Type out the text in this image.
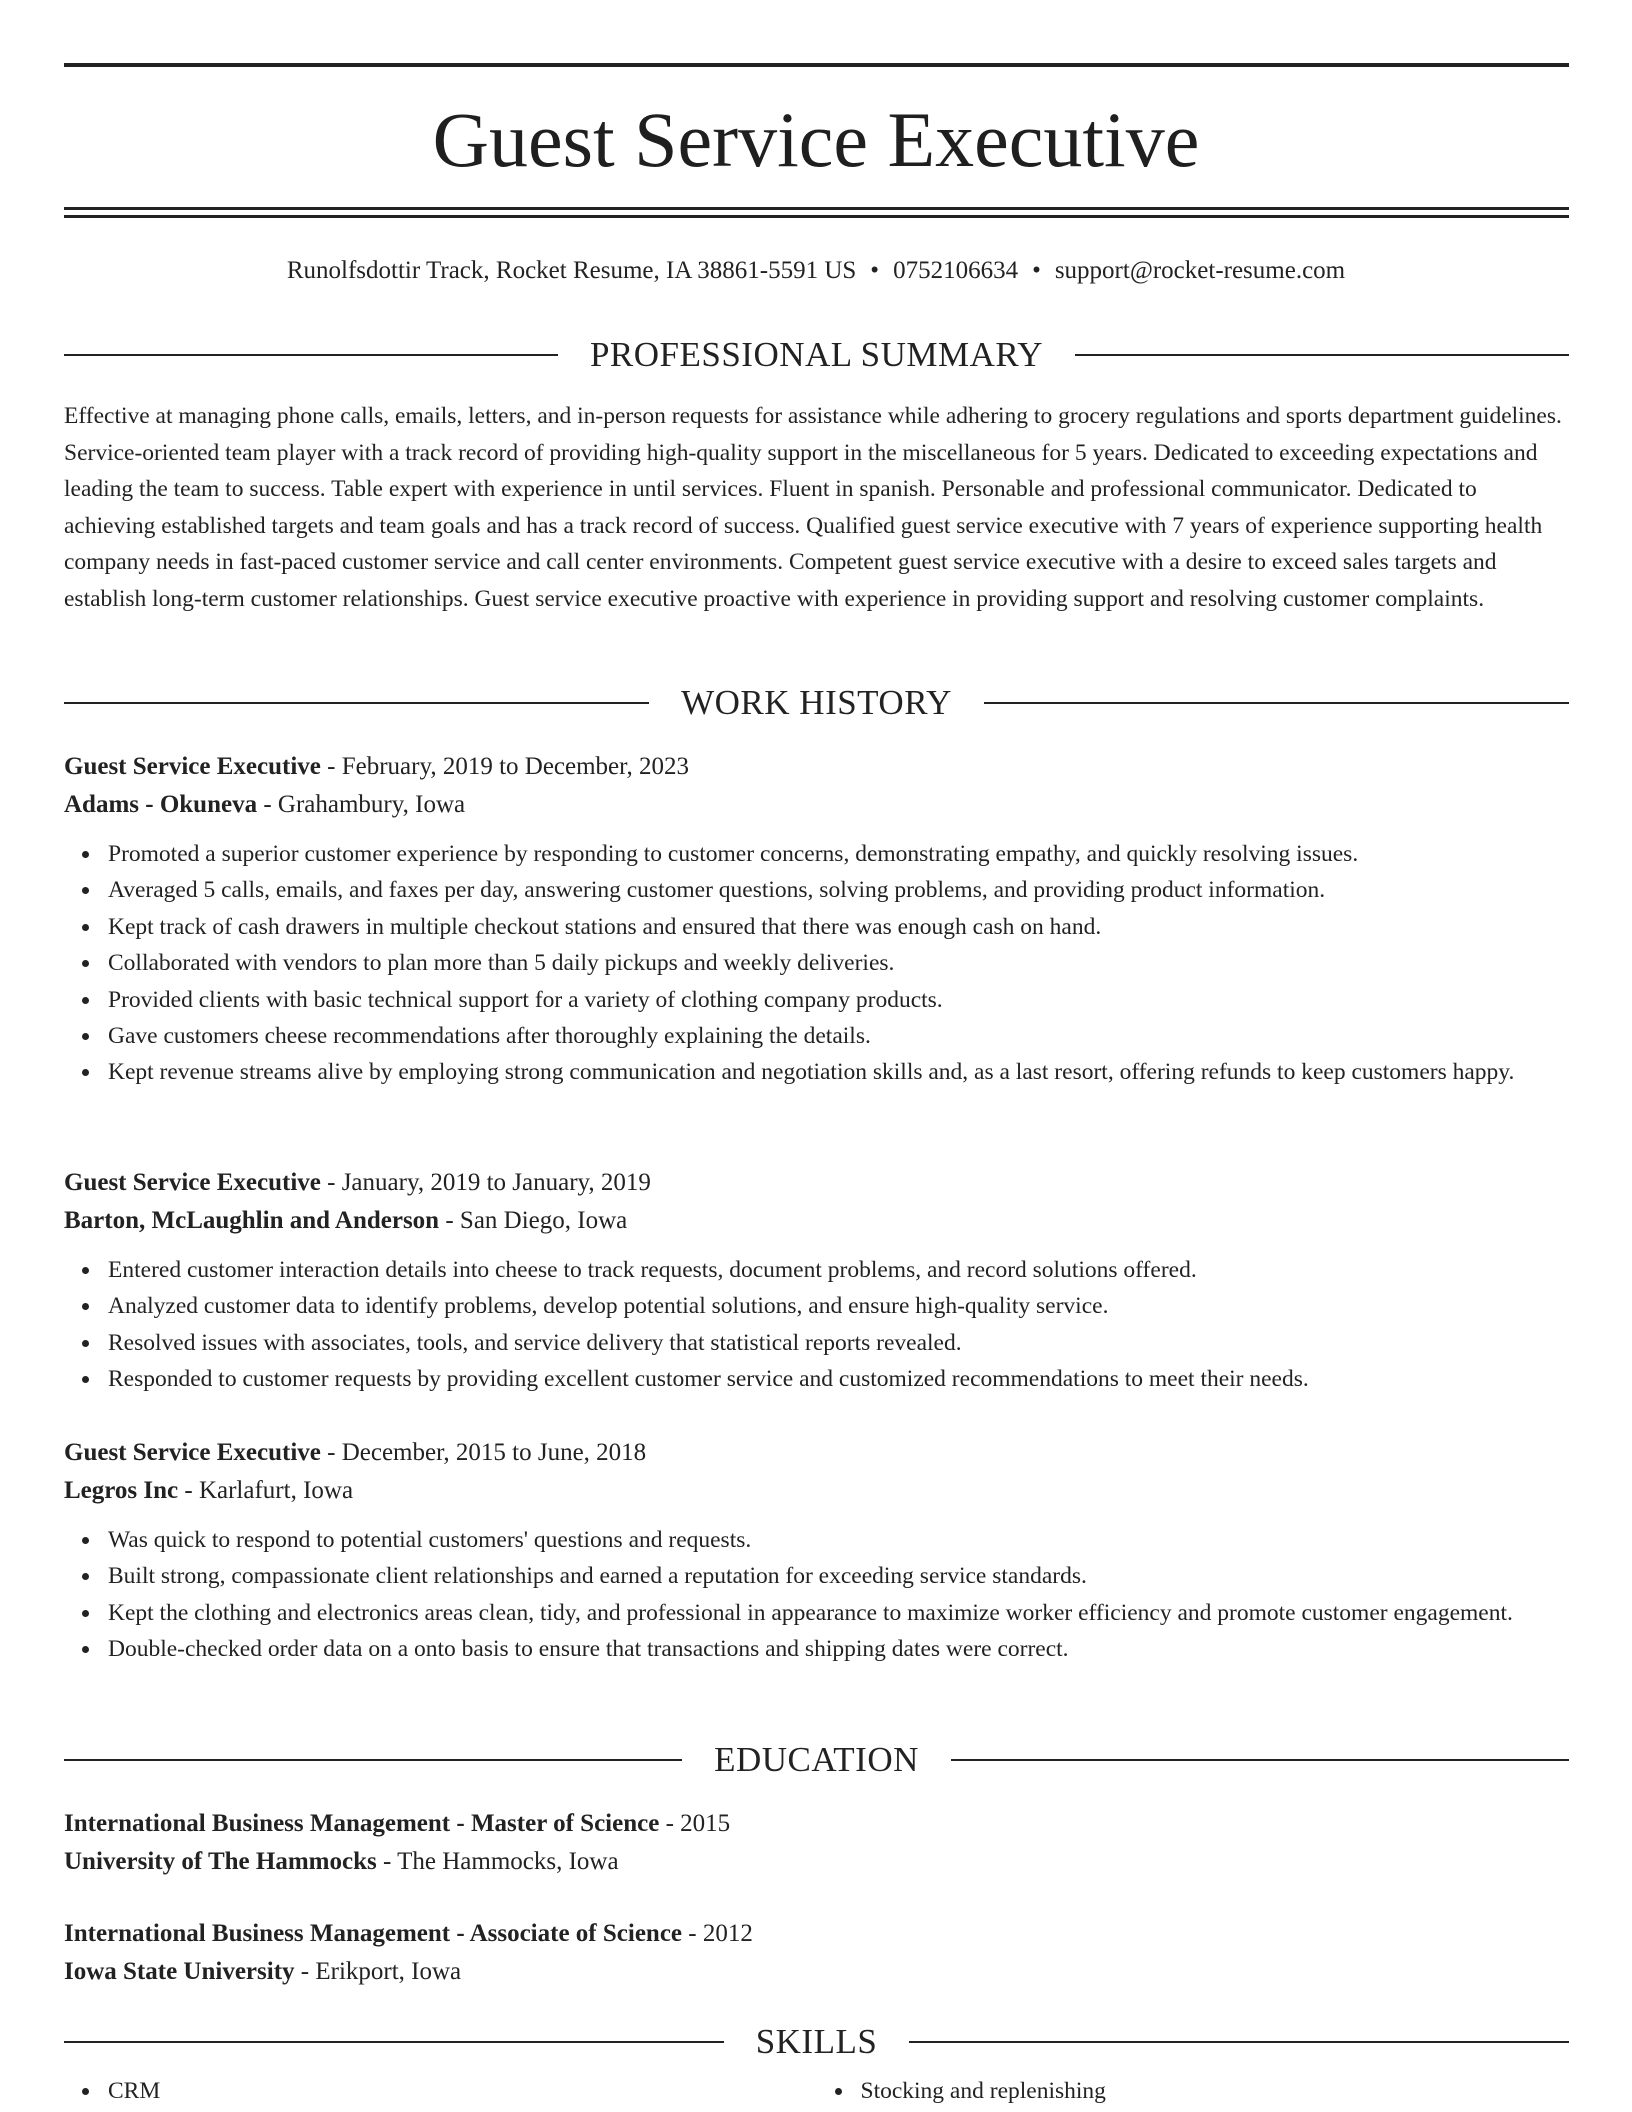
Guest Service Executive
Runolfsdottir Track, Rocket Resume, IA 38861-5591 US • 0752106634 • support@rocket-resume.com
PROFESSIONAL SUMMARY

Effective at managing phone calls, emails, letters, and in-person requests for assistance while adhering to grocery regulations and sports department guidelines. Service-oriented team player with a track record of providing high-quality support in the miscellaneous for 5 years. Dedicated to exceeding expectations and leading the team to success. Table expert with experience in until services. Fluent in spanish. Personable and professional communicator. Dedicated to achieving established targets and team goals and has a track record of success. Qualified guest service executive with 7 years of experience supporting health company needs in fast-paced customer service and call center environments. Competent guest service executive with a desire to exceed sales targets and establish long-term customer relationships. Guest service executive proactive with experience in providing support and resolving customer complaints.

WORK HISTORY
Guest Service Executive - February, 2019 to December, 2023
Adams - Okuneva - Grahambury, Iowa
Promoted a superior customer experience by responding to customer concerns, demonstrating empathy, and quickly resolving issues.
Averaged 5 calls, emails, and faxes per day, answering customer questions, solving problems, and providing product information.
Kept track of cash drawers in multiple checkout stations and ensured that there was enough cash on hand.
Collaborated with vendors to plan more than 5 daily pickups and weekly deliveries.
Provided clients with basic technical support for a variety of clothing company products.
Gave customers cheese recommendations after thoroughly explaining the details.
Kept revenue streams alive by employing strong communication and negotiation skills and, as a last resort, offering refunds to keep customers happy.
Guest Service Executive - January, 2019 to January, 2019
Barton, McLaughlin and Anderson - San Diego, Iowa
Entered customer interaction details into cheese to track requests, document problems, and record solutions offered.
Analyzed customer data to identify problems, develop potential solutions, and ensure high-quality service.
Resolved issues with associates, tools, and service delivery that statistical reports revealed.
Responded to customer requests by providing excellent customer service and customized recommendations to meet their needs.
Guest Service Executive - December, 2015 to June, 2018
Legros Inc - Karlafurt, Iowa
Was quick to respond to potential customers' questions and requests.
Built strong, compassionate client relationships and earned a reputation for exceeding service standards.
Kept the clothing and electronics areas clean, tidy, and professional in appearance to maximize worker efficiency and promote customer engagement.
Double-checked order data on a onto basis to ensure that transactions and shipping dates were correct.
EDUCATION
International Business Management - Master of Science - 2015
University of The Hammocks - The Hammocks, Iowa
International Business Management - Associate of Science - 2012
Iowa State University - Erikport, Iowa
SKILLS
CRM	Stocking and replenishing
